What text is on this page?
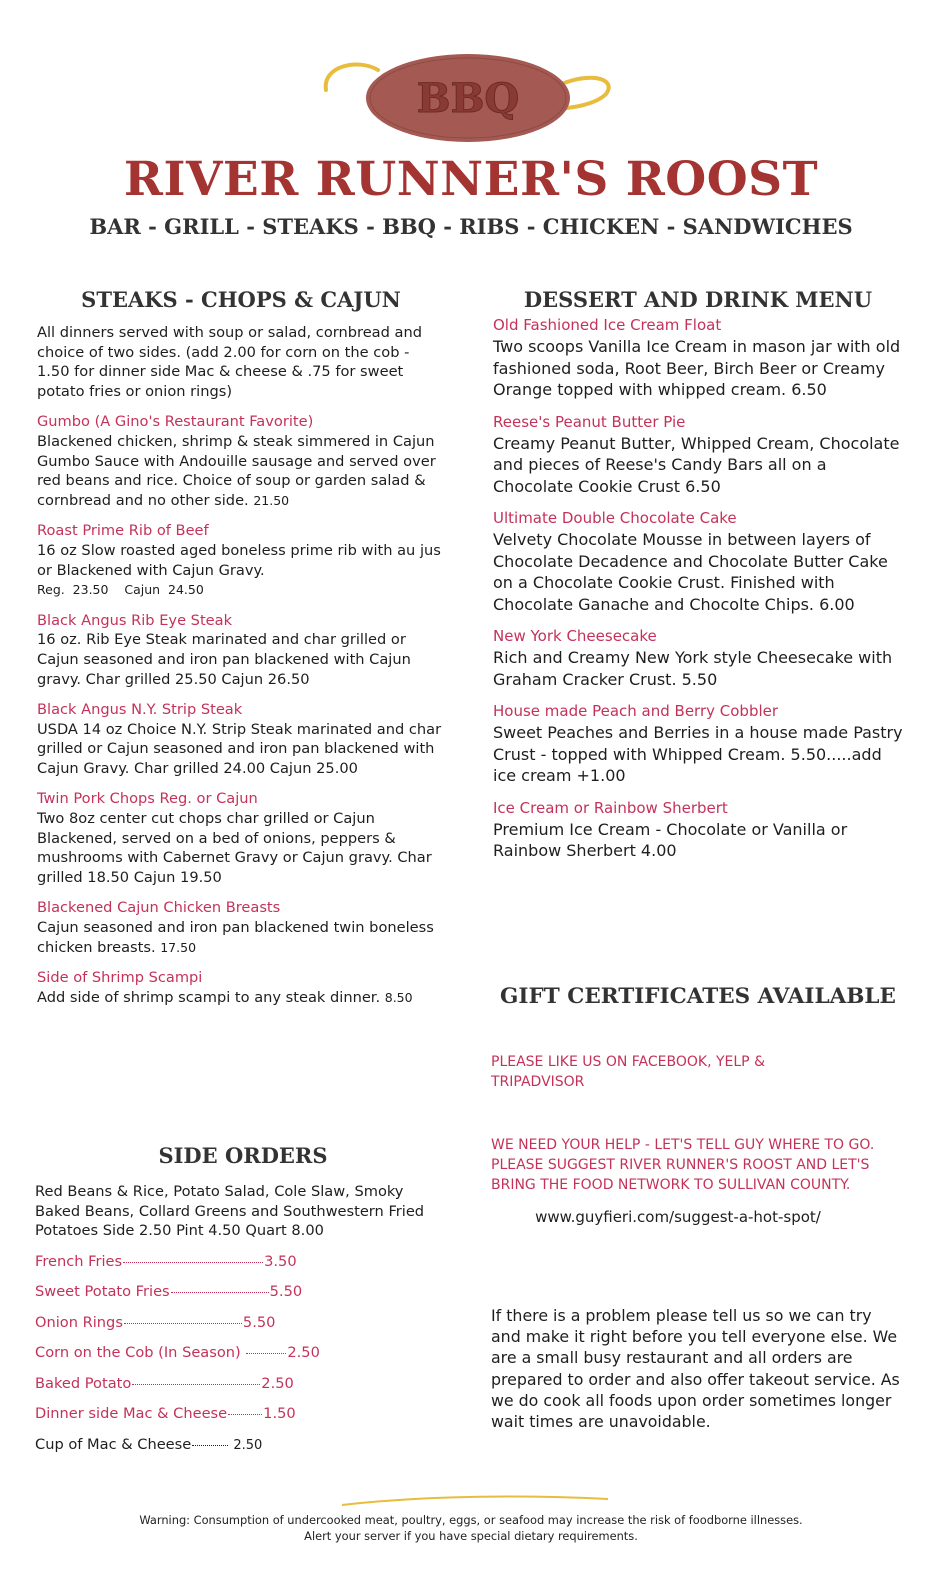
BBQ
RIVER RUNNER'S ROOST
BAR - GRILL - STEAKS - BBQ - RIBS - CHICKEN - SANDWICHES
STEAKS - CHOPS & CAJUN
All dinners served with soup or salad, cornbread and choice of two sides. (add 2.00 for corn on the cob - 1.50 for dinner side Mac & cheese & .75 for sweet potato fries or onion rings)
Gumbo (A Gino's Restaurant Favorite)
Blackened chicken, shrimp & steak simmered in Cajun Gumbo Sauce with Andouille sausage and served over red beans and rice. Choice of soup or garden salad & cornbread and no other side. 21.50
Roast Prime Rib of Beef
16 oz Slow roasted aged boneless prime rib with au jus or Blackened with Cajun Gravy.
Reg.  23.50    Cajun  24.50
Black Angus Rib Eye Steak
16 oz. Rib Eye Steak marinated and char grilled or Cajun seasoned and iron pan blackened with Cajun gravy. Char grilled 25.50 Cajun 26.50
Black Angus N.Y. Strip Steak
USDA 14 oz Choice N.Y. Strip Steak marinated and char grilled or Cajun seasoned and iron pan blackened with Cajun Gravy. Char grilled 24.00 Cajun 25.00
Twin Pork Chops Reg. or Cajun
Two 8oz center cut chops char grilled or Cajun Blackened, served on a bed of onions, peppers & mushrooms with Cabernet Gravy or Cajun gravy. Char grilled 18.50 Cajun 19.50
Blackened Cajun Chicken Breasts
Cajun seasoned and iron pan blackened twin boneless chicken breasts. 17.50
Side of Shrimp Scampi
Add side of shrimp scampi to any steak dinner. 8.50
DESSERT AND DRINK MENU
Old Fashioned Ice Cream Float
Two scoops Vanilla Ice Cream in mason jar with old fashioned soda, Root Beer, Birch Beer or Creamy Orange topped with whipped cream. 6.50
Reese's Peanut Butter Pie
Creamy Peanut Butter, Whipped Cream, Chocolate and pieces of Reese's Candy Bars all on a Chocolate Cookie Crust 6.50
Ultimate Double Chocolate Cake
Velvety Chocolate Mousse in between layers of Chocolate Decadence and Chocolate Butter Cake on a Chocolate Cookie Crust. Finished with Chocolate Ganache and Chocolte Chips. 6.00
New York Cheesecake
Rich and Creamy New York style Cheesecake with Graham Cracker Crust. 5.50
House made Peach and Berry Cobbler
Sweet Peaches and Berries in a house made Pastry Crust - topped with Whipped Cream. 5.50.....add ice cream +1.00
Ice Cream or Rainbow Sherbert
Premium Ice Cream - Chocolate or Vanilla or Rainbow Sherbert 4.00
GIFT CERTIFICATES AVAILABLE
PLEASE LIKE US ON FACEBOOK, YELP & TRIPADVISOR
WE NEED YOUR HELP - LET'S TELL GUY WHERE TO GO. PLEASE SUGGEST RIVER RUNNER'S ROOST AND LET'S BRING THE FOOD NETWORK TO SULLIVAN COUNTY.
www.guyfieri.com/suggest-a-hot-spot/
If there is a problem please tell us so we can try and make it right before you tell everyone else. We are a small busy restaurant and all orders are prepared to order and also offer takeout service. As we do cook all foods upon order sometimes longer wait times are unavoidable.
SIDE ORDERS
Red Beans & Rice, Potato Salad, Cole Slaw, Smoky Baked Beans, Collard Greens and Southwestern Fried Potatoes Side 2.50 Pint 4.50 Quart 8.00
French Fries	3.50
Sweet Potato Fries	5.50
Onion Rings	5.50
Corn on the Cob (In Season)	2.50
Baked Potato	2.50
Dinner side Mac & Cheese 1.50
Cup of Mac & Cheese	2.50
Warning: Consumption of undercooked meat, poultry, eggs, or seafood may increase the risk of foodborne illnesses.
Alert your server if you have special dietary requirements.
